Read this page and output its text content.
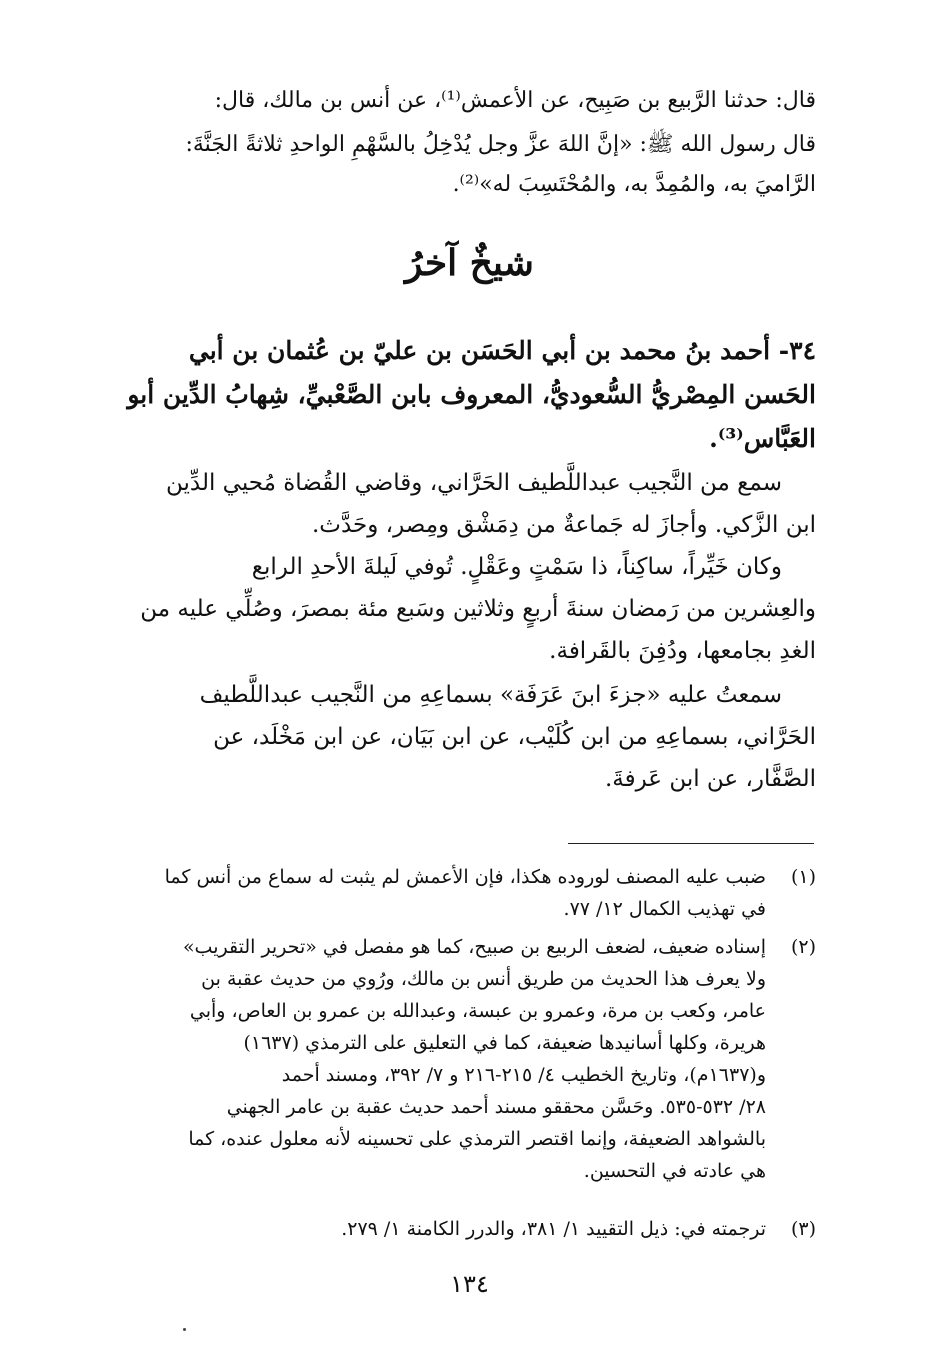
قال: حدثنا الرَّبيع بن صَبِيح، عن الأعمش⁽¹⁾، عن أنس بن مالك، قال:
قال رسول الله ﷺ: «إنَّ اللهَ عزَّ وجل يُدْخِلُ بالسَّهْمِ الواحدِ ثلاثةً الجَنَّةَ:
الرَّاميَ به، والمُمِدَّ به، والمُحْتَسِبَ له»⁽²⁾.
شيخٌ آخرُ
٣٤- أحمد بنُ محمد بن أبي الحَسَن بن عليّ بن عُثمان بن أبي
الحَسن المِصْريُّ السُّعوديُّ، المعروف بابن الصَّعْبيِّ، شِهابُ الدِّين أبو
العَبَّاس⁽³⁾.
سمع من النَّجيب عبداللَّطيف الحَرَّاني، وقاضي القُضاة مُحيي الدِّين
ابن الزَّكي. وأجازَ له جَماعةٌ من دِمَشْق ومِصر، وحَدَّث.
وكان خَيِّراً، ساكِناً، ذا سَمْتٍ وعَقْلٍ. تُوفي لَيلةَ الأحدِ الرابع
والعِشرين من رَمضان سنةَ أربعٍ وثلاثين وسَبع مئة بمصرَ، وصُلِّي عليه من
الغدِ بجامعها، ودُفِنَ بالقَرافة.
سمعتُ عليه «جزءَ ابنَ عَرَفَة» بسماعِهِ من النَّجيب عبداللَّطيف
الحَرَّاني، بسماعِهِ من ابن كُلَيْب، عن ابن بَيَان، عن ابن مَخْلَد، عن
الصَّفَّار، عن ابن عَرفةَ.
(١)
ضبب عليه المصنف لوروده هكذا، فإن الأعمش لم يثبت له سماع من أنس كما
في تهذيب الكمال ١٢/ ٧٧.
(٢)
إسناده ضعيف، لضعف الربيع بن صبيح، كما هو مفصل في «تحرير التقريب»
ولا يعرف هذا الحديث من طريق أنس بن مالك، ورُوي من حديث عقبة بن
عامر، وكعب بن مرة، وعمرو بن عبسة، وعبدالله بن عمرو بن العاص، وأبي
هريرة، وكلها أسانيدها ضعيفة، كما في التعليق على الترمذي (١٦٣٧)
و(١٦٣٧م)، وتاريخ الخطيب ٤/ ٢١٥-٢١٦ و ٧/ ٣٩٢، ومسند أحمد
٢٨/ ٥٣٢-٥٣٥. وحَسَّن محققو مسند أحمد حديث عقبة بن عامر الجهني
بالشواهد الضعيفة، وإنما اقتصر الترمذي على تحسينه لأنه معلول عنده، كما
هي عادته في التحسين.
(٣)
ترجمته في: ذيل التقييد ١/ ٣٨١، والدرر الكامنة ١/ ٢٧٩.
١٣٤
